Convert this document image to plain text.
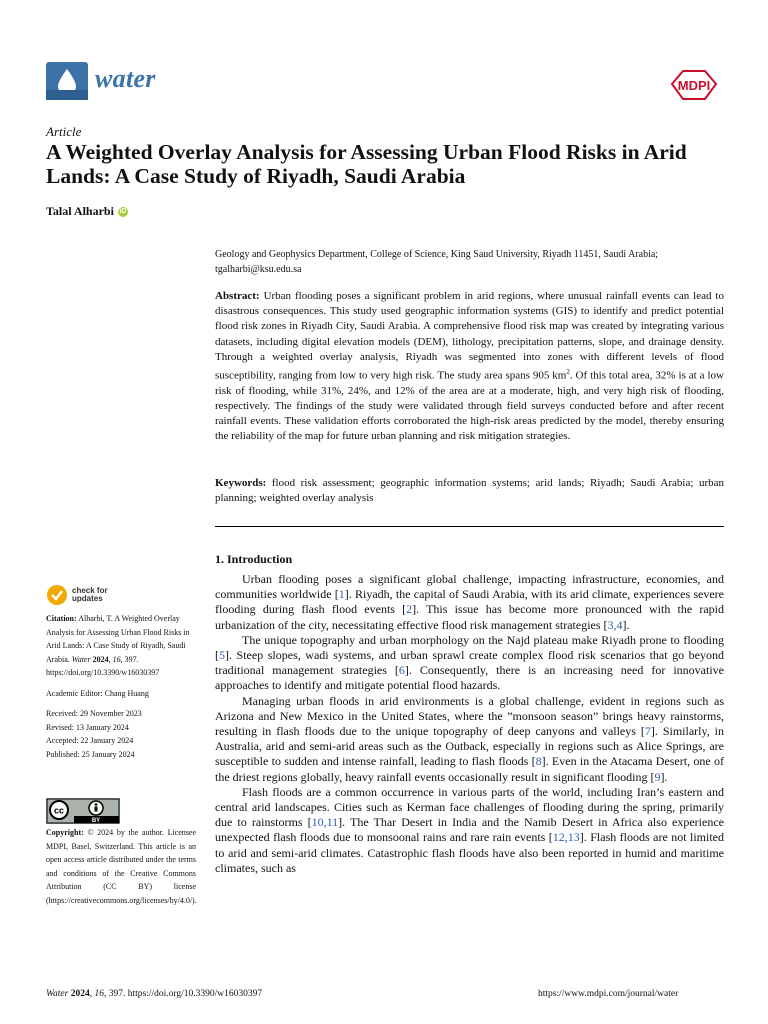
water	MDPI
Article
A Weighted Overlay Analysis for Assessing Urban Flood Risks in Arid Lands: A Case Study of Riyadh, Saudi Arabia
Talal Alharbi iD
Geology and Geophysics Department, College of Science, King Saud University, Riyadh 11451, Saudi Arabia; tgalharbi@ksu.edu.sa
Abstract: Urban flooding poses a significant problem in arid regions, where unusual rainfall events can lead to disastrous consequences. This study used geographic information systems (GIS) to identify and predict potential flood risk zones in Riyadh City, Saudi Arabia. A comprehensive flood risk map was created by integrating various datasets, including digital elevation models (DEM), lithology, precipitation patterns, slope, and drainage density. Through a weighted overlay analysis, Riyadh was segmented into zones with different levels of flood susceptibility, ranging from low to very high risk. The study area spans 905 $km^2$. Of this total area, 32% is at a low risk of flooding, while 31%, 24%, and 12% of the area are at a moderate, high, and very high risk of flooding, respectively. The findings of the study were validated through field surveys conducted before and after recent rainfall events. These validation efforts corroborated the high-risk areas predicted by the model, thereby ensuring the reliability of the map for future urban planning and risk mitigation strategies.
Keywords: flood risk assessment; geographic information systems; arid lands; Riyadh; Saudi Arabia; urban planning; weighted overlay analysis
1. Introduction

Urban flooding poses a significant global challenge, impacting infrastructure, economies, and communities worldwide [1]. Riyadh, the capital of Saudi Arabia, with its arid climate, experiences severe flooding during flash flood events [2]. This issue has become more pronounced with the rapid urbanization of the city, necessitating effective flood risk management strategies [3,4].

The unique topography and urban morphology on the Najd plateau make Riyadh prone to flooding [5]. Steep slopes, wadi systems, and urban sprawl create complex flood risk scenarios that go beyond traditional management strategies [6]. Consequently, there is an increasing need for innovative approaches to identify and mitigate potential flood hazards.

Managing urban floods in arid environments is a global challenge, evident in regions such as Arizona and New Mexico in the United States, where the ”monsoon season” brings heavy rainstorms, resulting in flash floods due to the unique topography of deep canyons and valleys [7]. Similarly, in Australia, arid and semi-arid areas such as the Outback, especially in regions such as Alice Springs, are susceptible to sudden and intense rainfall, leading to flash floods [8]. Even in the Atacama Desert, one of the driest regions globally, heavy rainfall events occasionally result in significant flooding [9].

Flash floods are a common occurrence in various parts of the world, including Iran’s eastern and central arid landscapes. Cities such as Kerman face challenges of flooding during the spring, primarily due to rainstorms [10,11]. The Thar Desert in India and the Namib Desert in Africa also experience unexpected flash floods due to monsoonal rains and rare rain events [12,13]. Flash floods are not limited to arid and semi-arid climates. Catastrophic flash floods have also been reported in humid and maritime climates, such as

check for
updates
Citation: Alharbi, T. A Weighted Overlay Analysis for Assessing Urban Flood Risks in Arid Lands: A Case Study of Riyadh, Saudi Arabia. Water 2024, 16, 397. https://doi.org/10.3390/w16030397
Academic Editor: Chang Huang
Received: 29 November 2023
Revised: 13 January 2024
Accepted: 22 January 2024
Published: 25 January 2024
cc
BY
Copyright: © 2024 by the author. Licensee MDPI, Basel, Switzerland. This article is an open access article distributed under the terms and conditions of the Creative Commons Attribution (CC BY) license (https://creativecommons.org/licenses/by/4.0/).
Water 2024, 16, 397. https://doi.org/10.3390/w16030397	https://www.mdpi.com/journal/water
